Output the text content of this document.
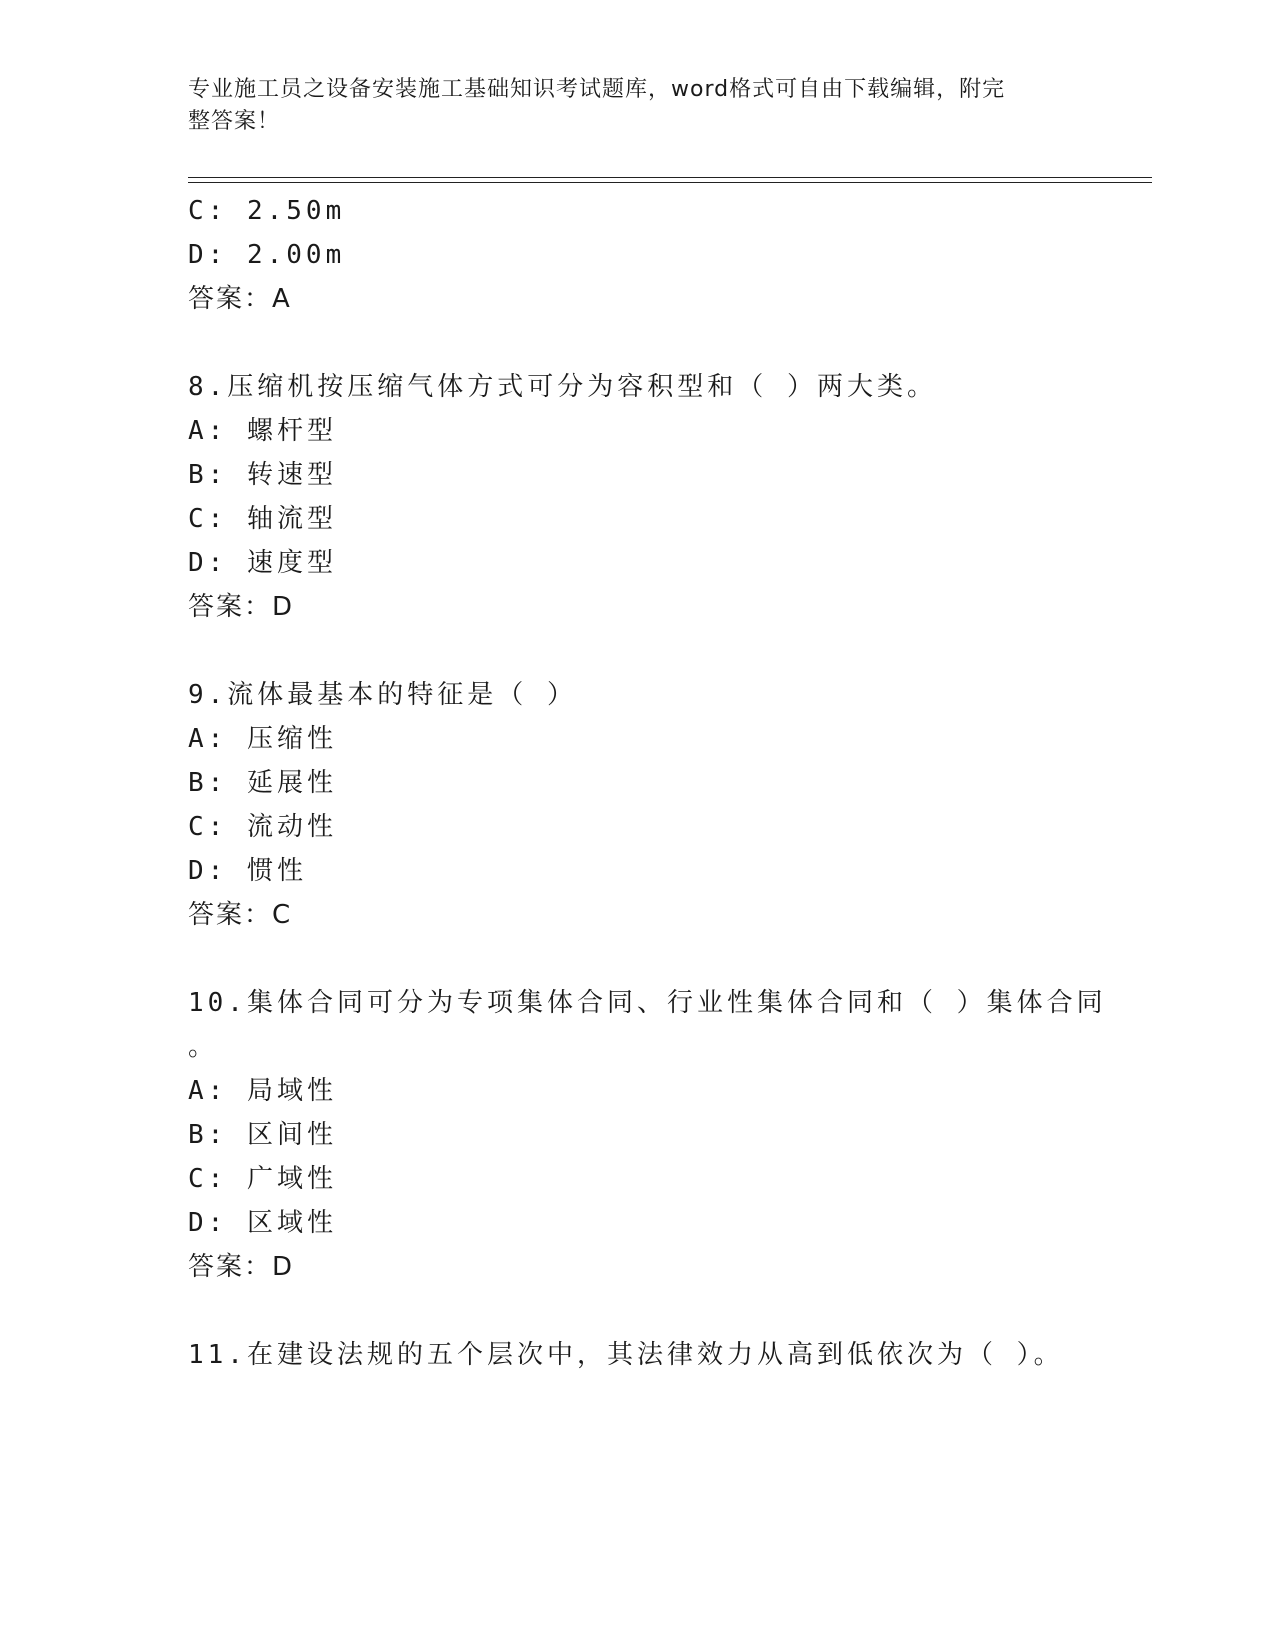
专业施工员之设备安装施工基础知识考试题库，word格式可自由下载编辑，附完
整答案！
C: 2.50m
D: 2.00m
答案：A
8.压缩机按压缩气体方式可分为容积型和（ ）两大类。
A: 螺杆型
B: 转速型
C: 轴流型
D: 速度型
答案：D
9.流体最基本的特征是（ ）
A: 压缩性
B: 延展性
C: 流动性
D: 惯性
答案：C
10.集体合同可分为专项集体合同、行业性集体合同和（ ）集体合同
。
A: 局域性
B: 区间性
C: 广域性
D: 区域性
答案：D
11.在建设法规的五个层次中，其法律效力从高到低依次为（ ）。
